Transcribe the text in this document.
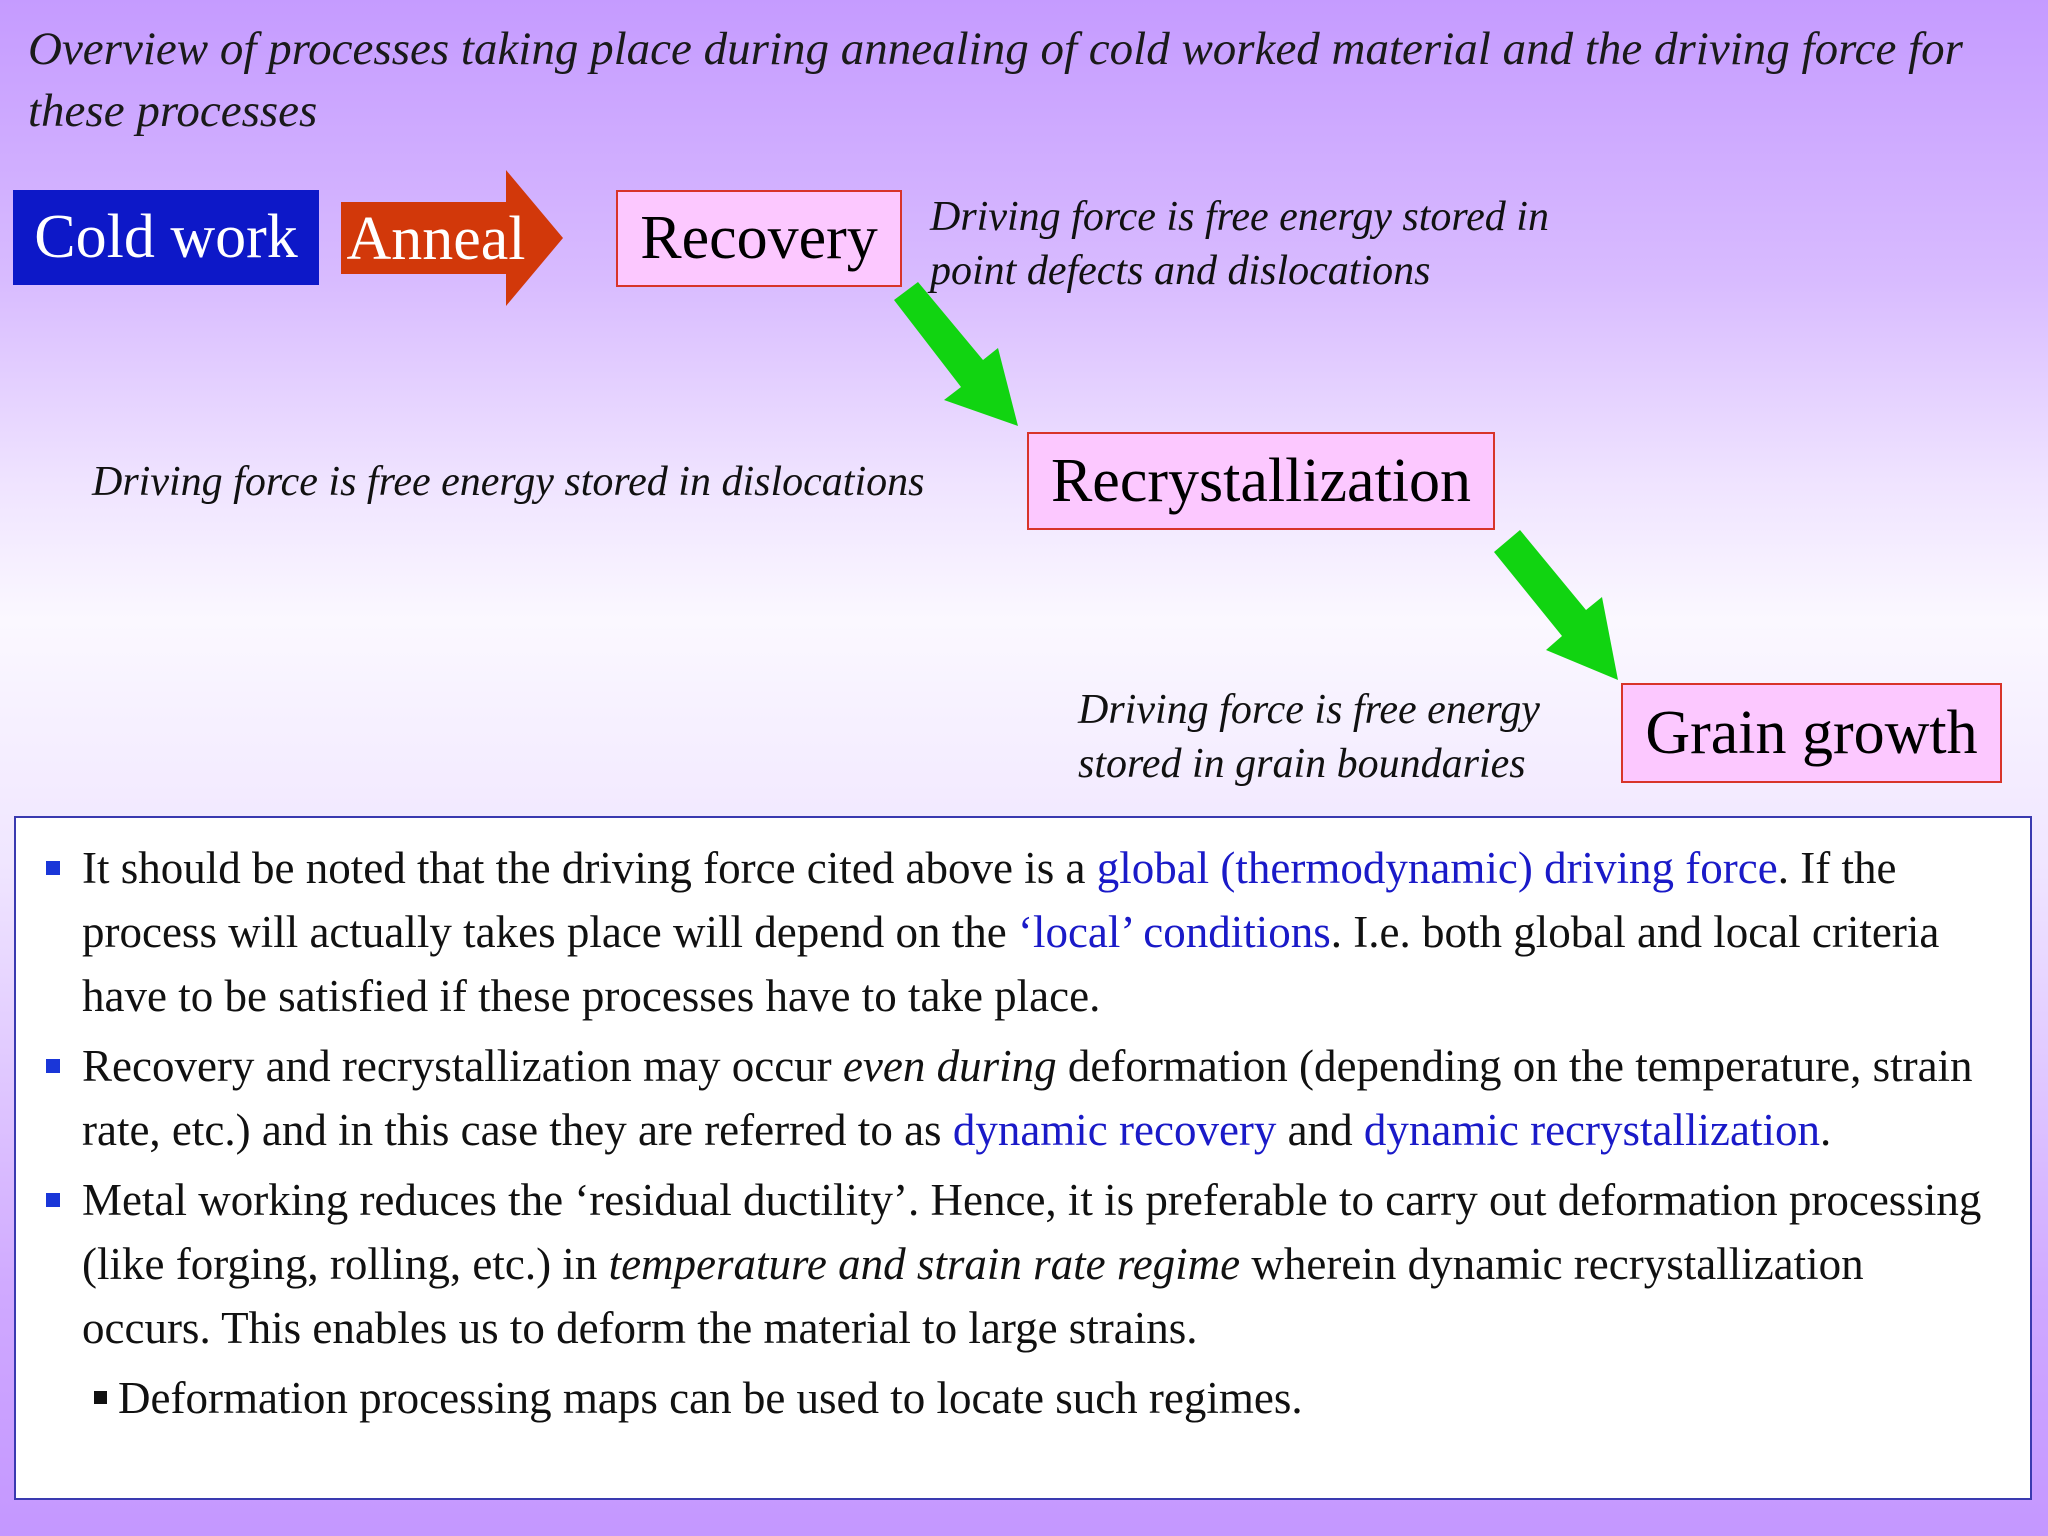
Overview of processes taking place during annealing of cold worked material and the driving force for these processes
Cold work Anneal	Recovery	Driving force is free energy stored in
point defects and dislocations
Recrystallization
Driving force is free energy stored in dislocations
Grain growth
Driving force is free energy
stored in grain boundaries
It should be noted that the driving force cited above is a global (thermodynamic) driving force. If the process will actually takes place will depend on the ‘local’ conditions. I.e. both global and local criteria have to be satisfied if these processes have to take place.
Recovery and recrystallization may occur even during deformation (depending on the temperature, strain rate, etc.) and in this case they are referred to as dynamic recovery and dynamic recrystallization.
Metal working reduces the ‘residual ductility’. Hence, it is preferable to carry out deformation processing (like forging, rolling, etc.) in temperature and strain rate regime wherein dynamic recrystallization occurs. This enables us to deform the material to large strains.
Deformation processing maps can be used to locate such regimes.
